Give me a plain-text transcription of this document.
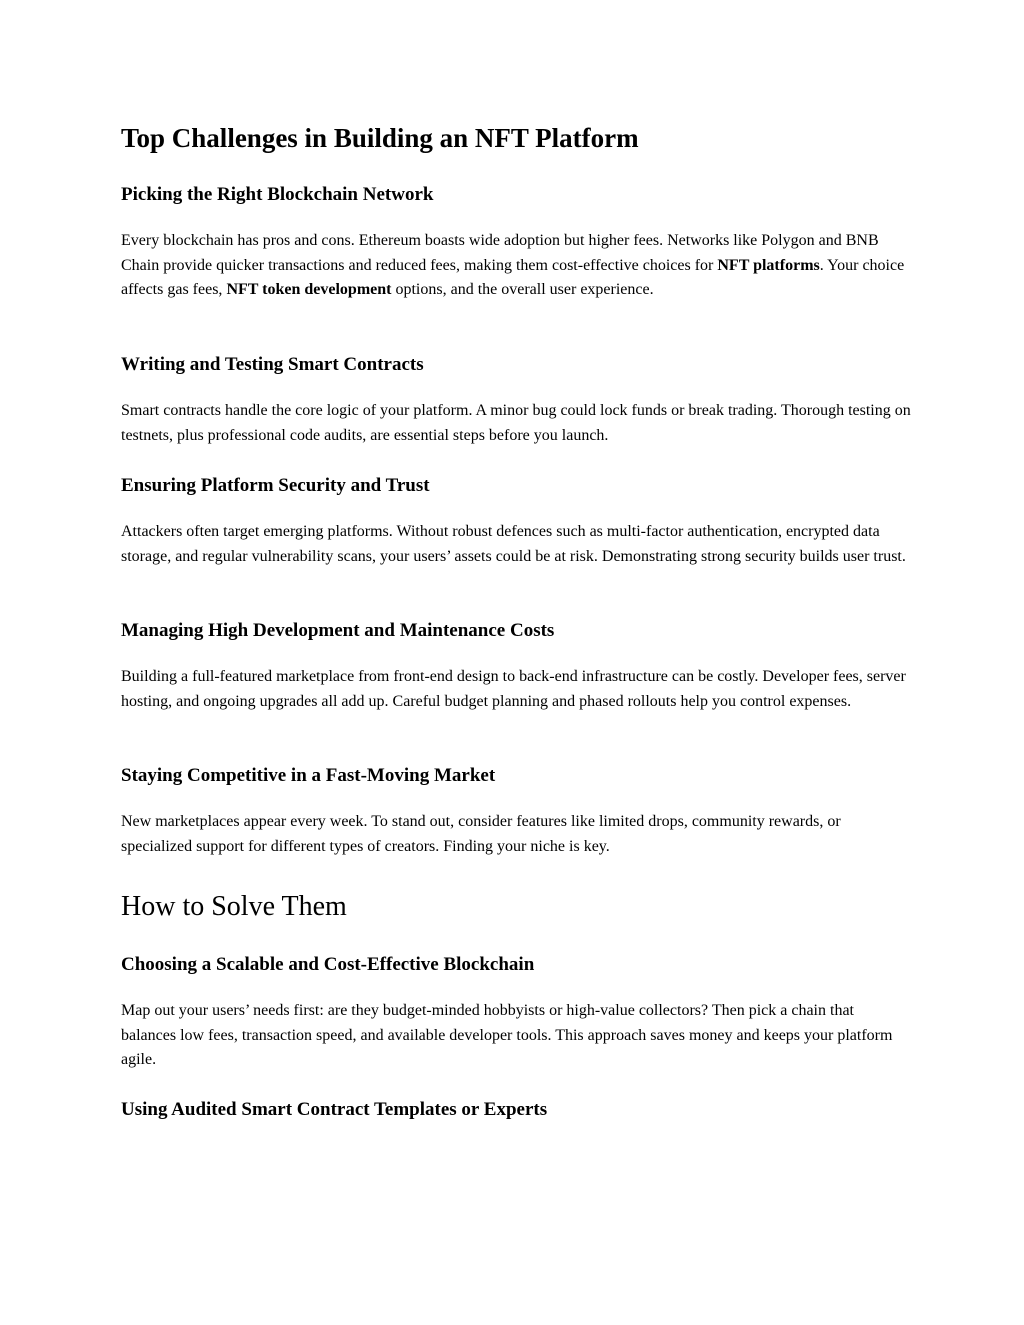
Top Challenges in Building an NFT Platform
Picking the Right Blockchain Network

Every blockchain has pros and cons. Ethereum boasts wide adoption but higher fees. Networks like Polygon and BNB Chain provide quicker transactions and reduced fees, making them cost-effective choices for NFT platforms. Your choice affects gas fees, NFT token development options, and the overall user experience.

Writing and Testing Smart Contracts

Smart contracts handle the core logic of your platform. A minor bug could lock funds or break trading. Thorough testing on testnets, plus professional code audits, are essential steps before you launch.

Ensuring Platform Security and Trust

Attackers often target emerging platforms. Without robust defences such as multi‑factor authentication, encrypted data storage, and regular vulnerability scans, your users’ assets could be at risk. Demonstrating strong security builds user trust.

Managing High Development and Maintenance Costs

Building a full-featured marketplace from front‑end design to back‑end infrastructure can be costly. Developer fees, server hosting, and ongoing upgrades all add up. Careful budget planning and phased rollouts help you control expenses.

Staying Competitive in a Fast‑Moving Market

New marketplaces appear every week. To stand out, consider features like limited drops, community rewards, or specialized support for different types of creators. Finding your niche is key.

How to Solve Them
Choosing a Scalable and Cost‑Effective Blockchain

Map out your users’ needs first: are they budget‑minded hobbyists or high‑value collectors? Then pick a chain that balances low fees, transaction speed, and available developer tools. This approach saves money and keeps your platform agile.

Using Audited Smart Contract Templates or Experts
